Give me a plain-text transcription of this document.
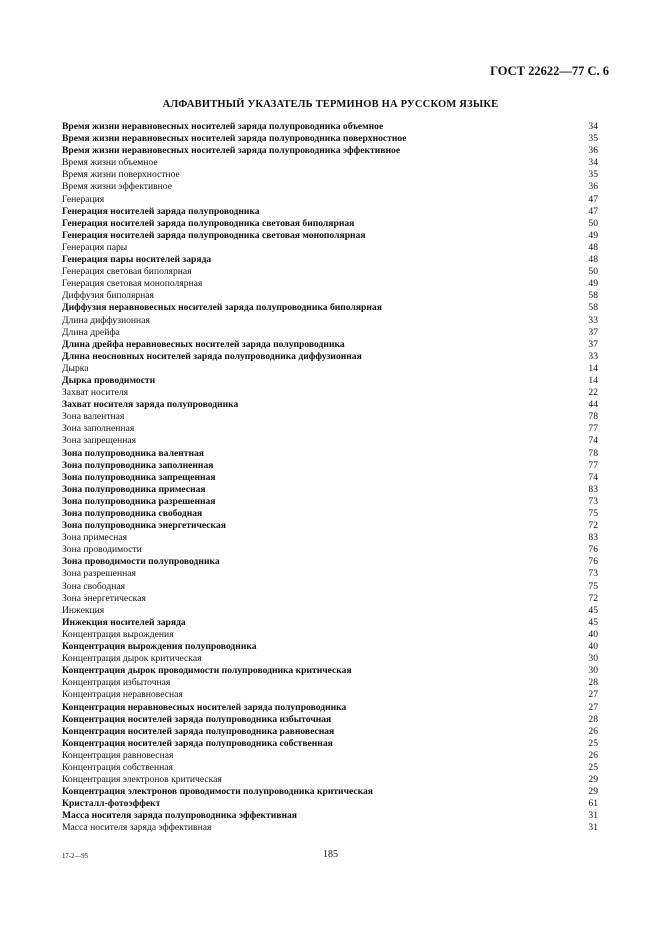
ГОСТ 22622—77 С. 6
АЛФАВИТНЫЙ УКАЗАТЕЛЬ ТЕРМИНОВ НА РУССКОМ ЯЗЫКЕ
Время жизни неравновесных носителей заряда полупроводника объемное	34
Время жизни неравновесных носителей заряда полупроводника поверхностное	35
Время жизни неравновесных носителей заряда полупроводника эффективное	36
Время жизни объемное	34
Время жизни поверхностное	35
Время жизни эффективное	36
Генерация	47
Генерация носителей заряда полупроводника	47
Генерация носителей заряда полупроводника световая биполярная	50
Генерация носителей заряда полупроводника световая монополярная	49
Генерация пары	48
Генерация пары носителей заряда	48
Генерация световая биполярная	50
Генерация световая монополярная	49
Диффузия биполярная	58
Диффузия неравновесных носителей заряда полупроводника биполярная	58
Длина диффузионная	33
Длина дрейфа	37
Длина дрейфа неравновесных носителей заряда полупроводника	37
Длина неосновных носителей заряда полупроводника диффузионная	33
Дырка	14
Дырка проводимости	14
Захват носителя	22
Захват носителя заряда полупроводника	44
Зона валентная	78
Зона заполненная	77
Зона запрещенная	74
Зона полупроводника валентная	78
Зона полупроводника заполненная	77
Зона полупроводника запрещенная	74
Зона полупроводника примесная	83
Зона полупроводника разрешенная	73
Зона полупроводника свободная	75
Зона полупроводника энергетическая	72
Зона примесная	83
Зона проводимости	76
Зона проводимости полупроводника	76
Зона разрешенная	73
Зона свободная	75
Зона энергетическая	72
Инжекция	45
Инжекция носителей заряда	45
Концентрация вырождения	40
Концентрация вырождения полупроводника	40
Концентрация дырок критическая	30
Концентрация дырок проводимости полупроводника критическая	30
Концентрация избыточная	28
Концентрация неравновесная	27
Концентрация неравновесных носителей заряда полупроводника	27
Концентрация носителей заряда полупроводника избыточная	28
Концентрация носителей заряда полупроводника равновесная	26
Концентрация носителей заряда полупроводника собственная	25
Концентрация равновесная	26
Концентрация собственная	25
Концентрация электронов критическая	29
Концентрация электронов проводимости полупроводника критическая	29
Кристалл-фотоэффект	61
Масса носителя заряда полупроводника эффективная	31
Масса носителя заряда эффективная	31
17-2—95	185
